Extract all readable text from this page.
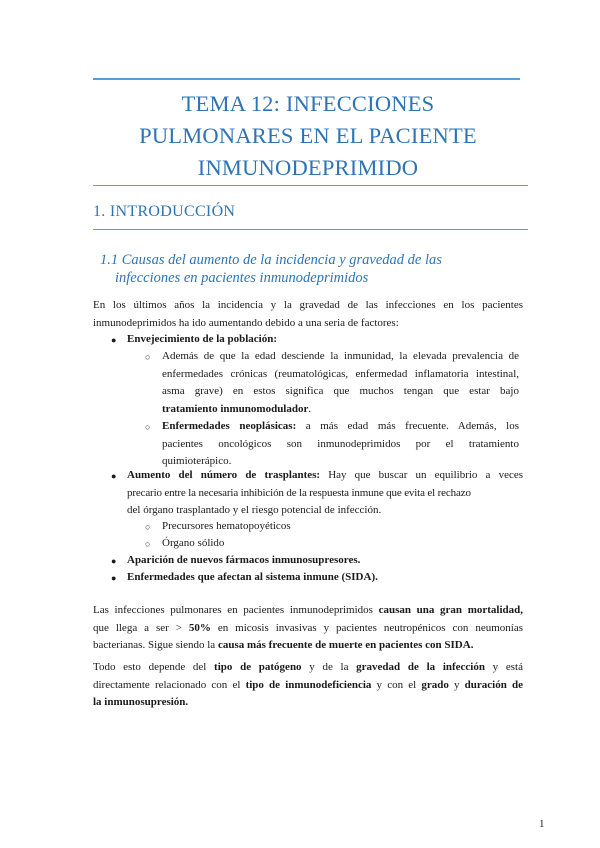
TEMA 12: INFECCIONES
PULMONARES EN EL PACIENTE
INMUNODEPRIMIDO
1. INTRODUCCIÓN
1.1 Causas del aumento de la incidencia y gravedad de las
infecciones en pacientes inmunodeprimidos
En los últimos años la incidencia y la gravedad de las infecciones en los pacientes
inmunodeprimidos ha ido aumentando debido a una seria de factores:
● Envejecimiento de la población:
○ Además de que la edad desciende la inmunidad, la elevada prevalencia de
enfermedades crónicas (reumatológicas, enfermedad inflamatoria intestinal,
asma grave) en estos significa que muchos tengan que estar bajo
tratamiento inmunomodulador.
○ Enfermedades neoplásicas: a más edad más frecuente. Además, los
pacientes oncológicos son inmunodeprimidos por el tratamiento
quimioterápico.
● Aumento del número de trasplantes: Hay que buscar un equilibrio a veces
precario entre la necesaria inhibición de la respuesta inmune que evita el rechazo
del órgano trasplantado y el riesgo potencial de infección.
○ Precursores hematopoyéticos
○ Órgano sólido
● Aparición de nuevos fármacos inmunosupresores.
● Enfermedades que afectan al sistema inmune (SIDA).
Las infecciones pulmonares en pacientes inmunodeprimidos causan una gran mortalidad,
que llega a ser > 50% en micosis invasivas y pacientes neutropénicos con neumonías
bacterianas. Sigue siendo la causa más frecuente de muerte en pacientes con SIDA.
Todo esto depende del tipo de patógeno y de la gravedad de la infección y está
directamente relacionado con el tipo de inmunodeficiencia y con el grado y duración de
la inmunosupresión.
1
